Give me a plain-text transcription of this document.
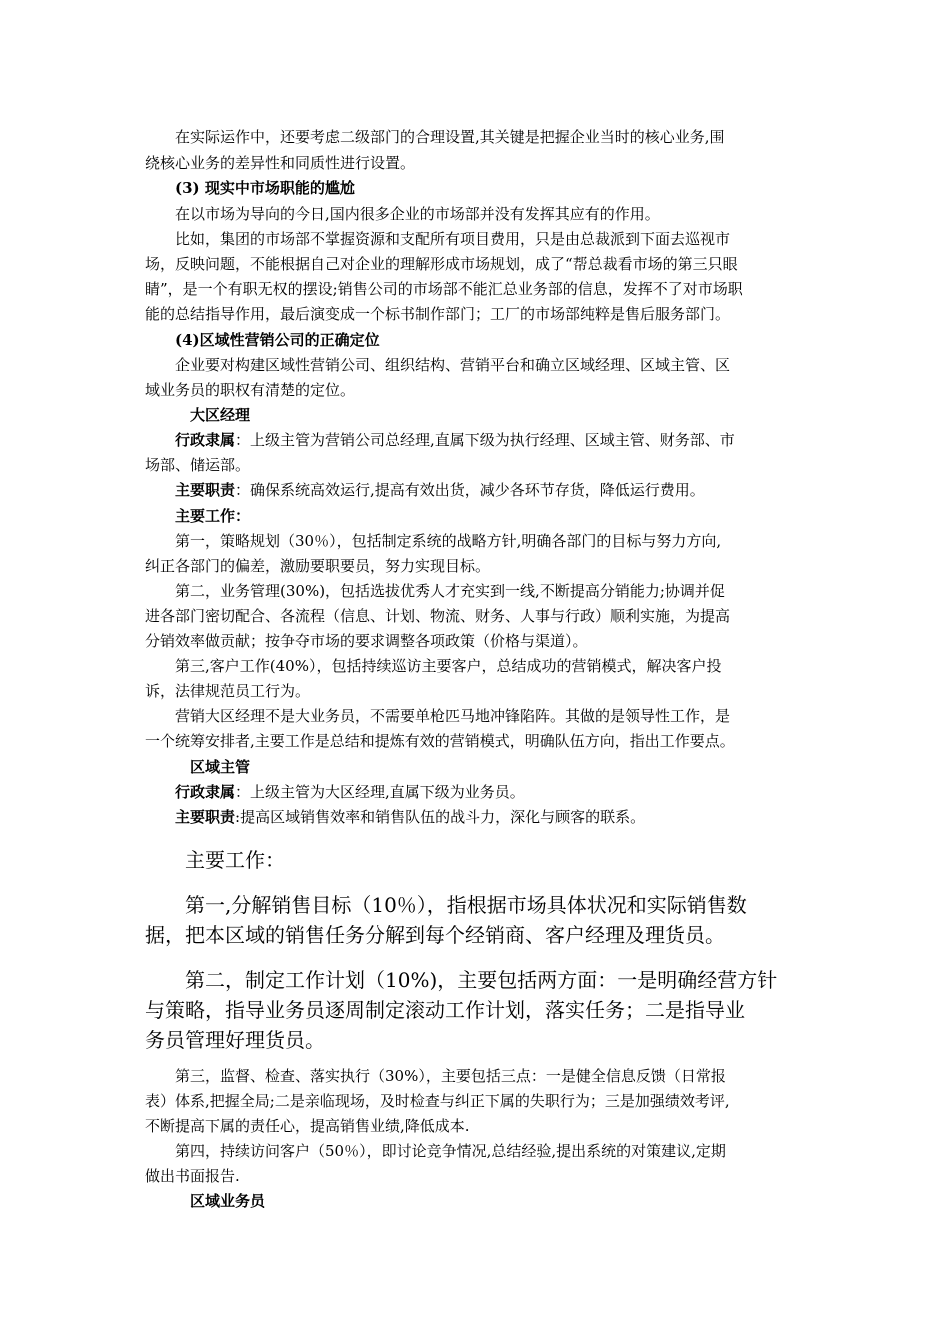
　　在实际运作中，还要考虑二级部门的合理设置,其关键是把握企业当时的核心业务,围

绕核心业务的差异性和同质性进行设置。

　　(3) 现实中市场职能的尴尬

　　在以市场为导向的今日,国内很多企业的市场部并没有发挥其应有的作用。

　　比如，集团的市场部不掌握资源和支配所有项目费用，只是由总裁派到下面去巡视市

场，反映问题，不能根据自己对企业的理解形成市场规划，成了“帮总裁看市场的第三只眼

睛”，是一个有职无权的摆设;销售公司的市场部不能汇总业务部的信息，发挥不了对市场职

能的总结指导作用，最后演变成一个标书制作部门；工厂的市场部纯粹是售后服务部门。

　　(4)区域性营销公司的正确定位

　　企业要对构建区域性营销公司、组织结构、营销平台和确立区域经理、区域主管、区

域业务员的职权有清楚的定位。

　　　大区经理

　　行政隶属：上级主管为营销公司总经理,直属下级为执行经理、区域主管、财务部、市

场部、储运部。

　　主要职责：确保系统高效运行,提高有效出货，减少各环节存货，降低运行费用。

　　主要工作：

　　第一，策略规划（30％），包括制定系统的战略方针,明确各部门的目标与努力方向,

纠正各部门的偏差，激励要职要员，努力实现目标。

　　第二，业务管理(30%)，包括选拔优秀人才充实到一线,不断提高分销能力;协调并促

进各部门密切配合、各流程（信息、计划、物流、财务、人事与行政）顺利实施，为提高

分销效率做贡献；按争夺市场的要求调整各项政策（价格与渠道）。

　　第三,客户工作(40%），包括持续巡访主要客户，总结成功的营销模式，解决客户投

诉，法律规范员工行为。

　　营销大区经理不是大业务员，不需要单枪匹马地冲锋陷阵。其做的是领导性工作，是

一个统筹安排者,主要工作是总结和提炼有效的营销模式，明确队伍方向，指出工作要点。

　　　区域主管

　　行政隶属：上级主管为大区经理,直属下级为业务员。

　　主要职责:提高区域销售效率和销售队伍的战斗力，深化与顾客的联系。

　　主要工作：

　　第一,分解销售目标（10％），指根据市场具体状况和实际销售数

据，把本区域的销售任务分解到每个经销商、客户经理及理货员。

　　第二，制定工作计划（10%)，主要包括两方面：一是明确经营方针

与策略，指导业务员逐周制定滚动工作计划，落实任务；二是指导业

务员管理好理货员。

　　第三，监督、检查、落实执行（30%），主要包括三点：一是健全信息反馈（日常报

表）体系,把握全局;二是亲临现场，及时检查与纠正下属的失职行为；三是加强绩效考评,

不断提高下属的责任心，提高销售业绩,降低成本.

　　第四，持续访问客户（50％），即讨论竞争情况,总结经验,提出系统的对策建议,定期

做出书面报告.

　　　区域业务员
